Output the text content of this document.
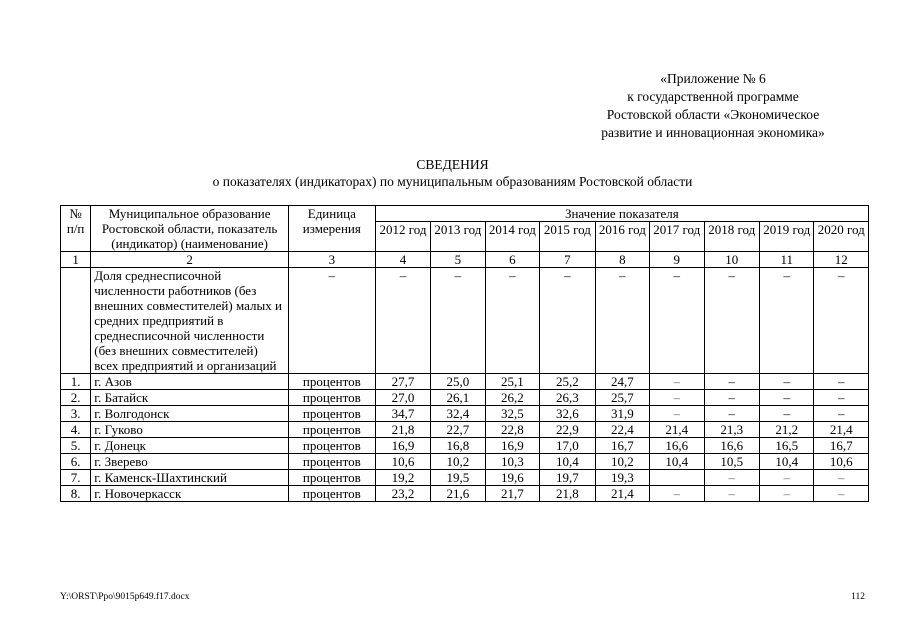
«Приложение № 6
к государственной программе
Ростовской области «Экономическое
развитие и инновационная экономика»
СВЕДЕНИЯ
о показателях (индикаторах) по муниципальным образованиям Ростовской области
№ п/п	Муниципальное образование Ростовской области, показатель (индикатор) (наименование)	Единица измерения	Значение показателя								
			2012 год	2013 год	2014 год	2015 год	2016 год	2017 год	2018 год	2019 год	2020 год
1	2	3	4	5	6	7	8	9	10	11	12
	Доля среднесписочной численности работников (без внешних совместителей) малых и средних предприятий в среднесписочной численности (без внешних совместителей) всех предприятий и организаций	–	–	–	–	–	–	–	–	–	–
1.	г. Азов	процентов	27,7	25,0	25,1	25,2	24,7	–	–	–	–
2.	г. Батайск	процентов	27,0	26,1	26,2	26,3	25,7	–	–	–	–
3.	г. Волгодонск	процентов	34,7	32,4	32,5	32,6	31,9	–	–	–	–
4.	г. Гуково	процентов	21,8	22,7	22,8	22,9	22,4	21,4	21,3	21,2	21,4
5.	г. Донецк	процентов	16,9	16,8	16,9	17,0	16,7	16,6	16,6	16,5	16,7
6.	г. Зверево	процентов	10,6	10,2	10,3	10,4	10,2	10,4	10,5	10,4	10,6
7.	г. Каменск-Шахтинский	процентов	19,2	19,5	19,6	19,7	19,3		–	–	–
8.	г. Новочеркасск	процентов	23,2	21,6	21,7	21,8	21,4	–	–	–	–
Y:\ORST\Ppo\9015p649.f17.docx	112
